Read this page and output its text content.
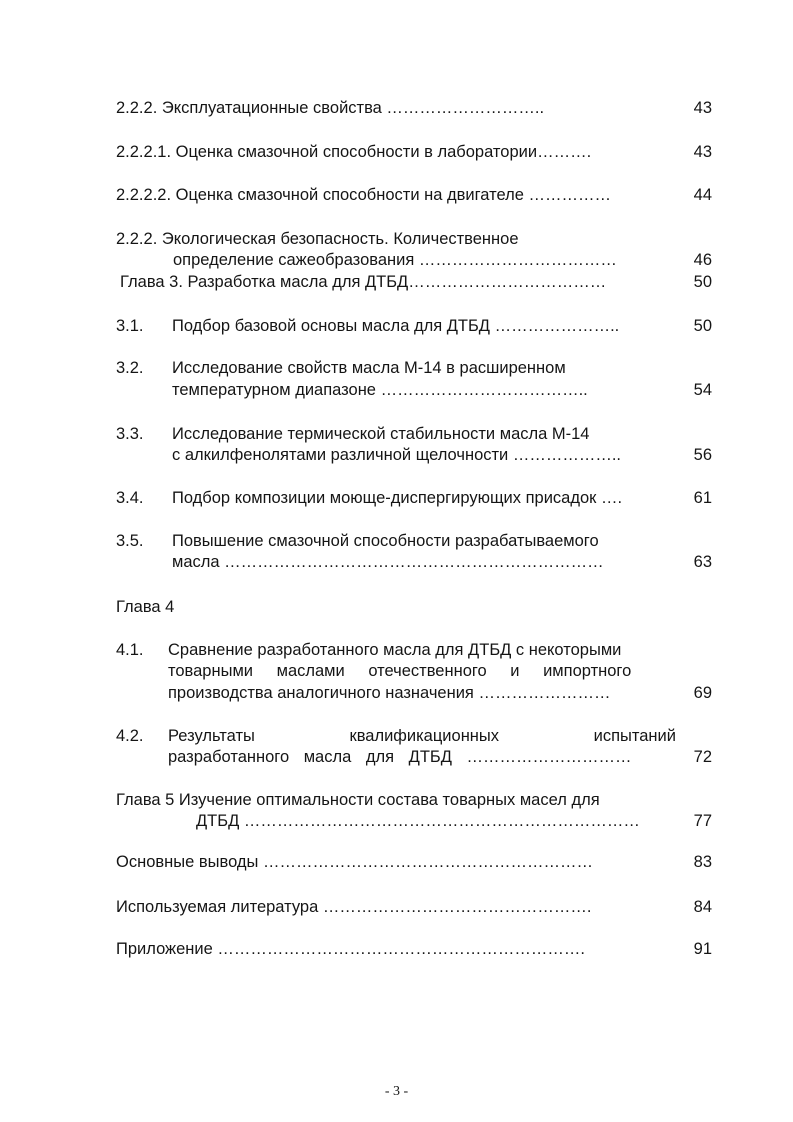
2.2.2. Эксплуатационные свойства ………………………..	43
2.2.2.1. Оценка смазочной способности в лаборатории……….	43
2.2.2.2. Оценка смазочной способности на двигателе ……………	44
2.2.2. Экологическая безопасность. Количественное
определение сажеобразования ………………………………	46
Глава 3. Разработка масла для ДТБД………………………………	50
3.1. Подбор базовой основы масла для ДТБД …………………..	50
3.2. Исследование свойств масла М-14 в расширенном
температурном диапазоне ………………………………..	54
3.3. Исследование термической стабильности масла М-14
с алкилфенолятами различной щелочности ………………..	56
3.4. Подбор композиции моюще-диспергирующих присадок ….	61
3.5. Повышение смазочной способности разрабатываемого
масла ……………………………………………………………	63
Глава 4
4.1. Сравнение разработанного масла для ДТБД с некоторыми
товарными маслами отечественного и импортного
производства аналогичного назначения ……………………	69
4.2. Результаты квалификационных испытаний
разработанного масла для ДТБД …………………………	72
Глава 5 Изучение оптимальности состава товарных масел для
ДТБД ………………………………………………………………	77
Основные выводы ……………………………………………………	83
Используемая литература ………………………………………….	84
Приложение ………………………………………………………….	91
- 3 -
